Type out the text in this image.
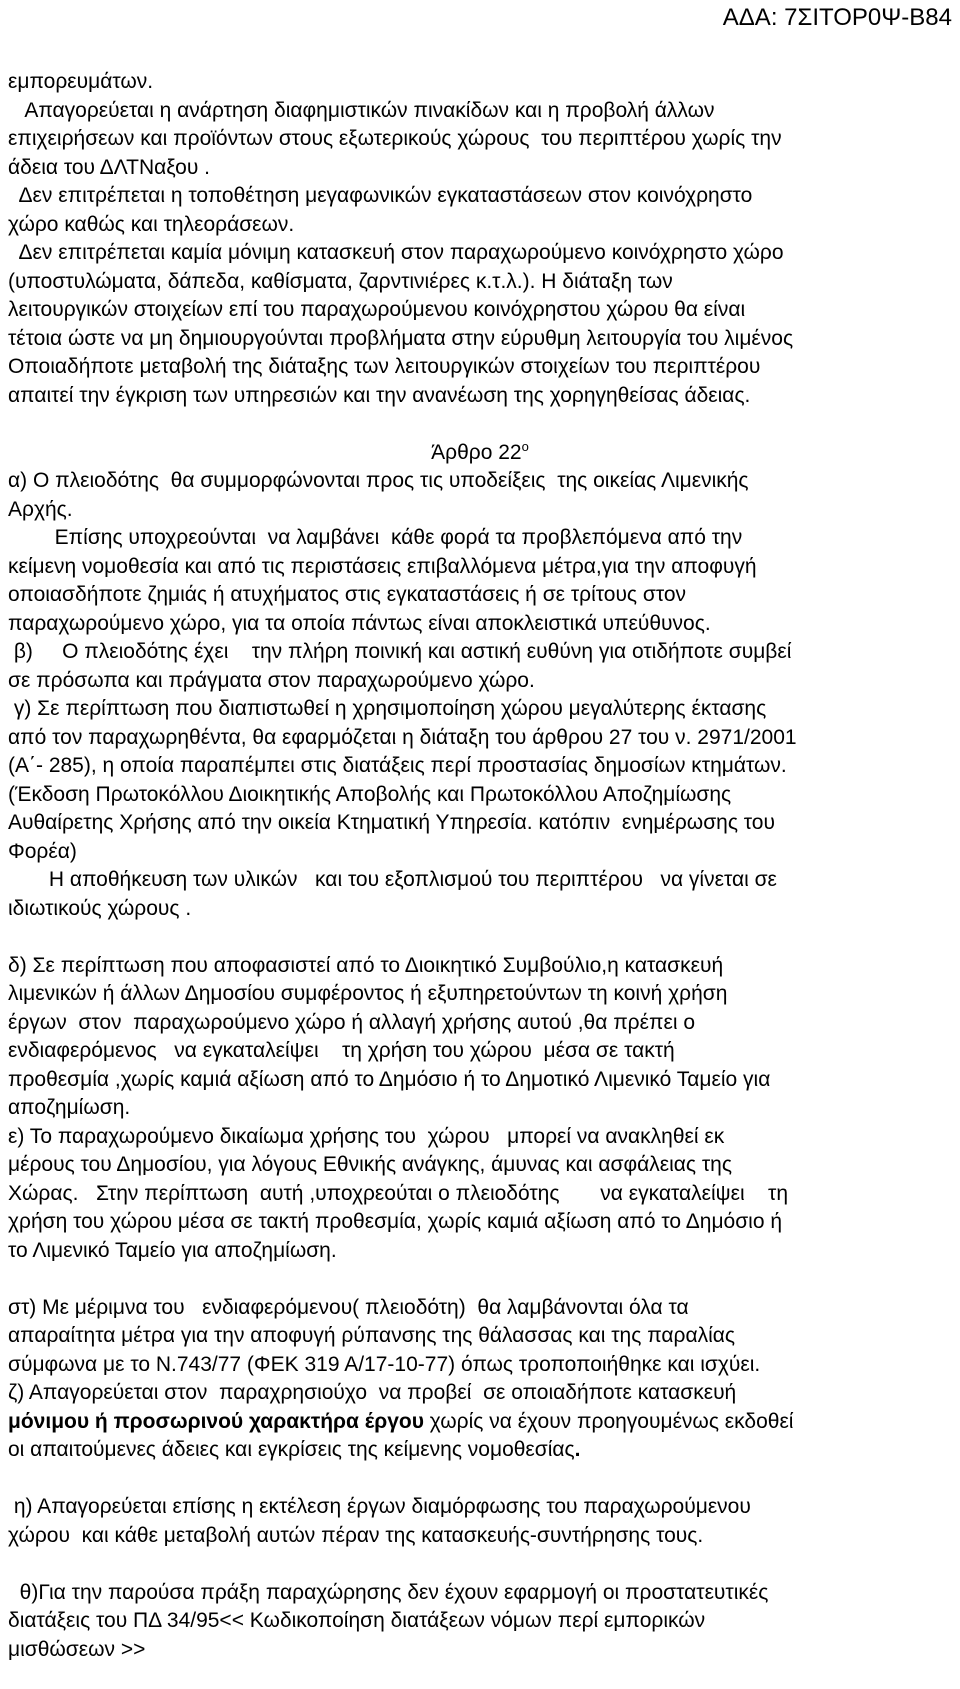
ΑΔΑ: 7ΣΙΤΟΡ0Ψ-Β84
εμπορευμάτων.
Απαγορεύεται η ανάρτηση διαφημιστικών πινακίδων και η προβολή άλλων
επιχειρήσεων και προϊόντων στους εξωτερικούς χώρους  του περιπτέρου χωρίς την
άδεια του ΔΛΤΝαξου .
Δεν επιτρέπεται η τοποθέτηση μεγαφωνικών εγκαταστάσεων στον κοινόχρηστο
χώρο καθώς και τηλεοράσεων.
Δεν επιτρέπεται καμία μόνιμη κατασκευή στον παραχωρούμενο κοινόχρηστο χώρο
(υποστυλώματα, δάπεδα, καθίσματα, ζαρντινιέρες κ.τ.λ.). Η διάταξη των
λειτουργικών στοιχείων επί του παραχωρούμενου κοινόχρηστου χώρου θα είναι
τέτοια ώστε να μη δημιουργούνται προβλήματα στην εύρυθμη λειτουργία του λιμένος
Οποιαδήποτε μεταβολή της διάταξης των λειτουργικών στοιχείων του περιπτέρου
απαιτεί την έγκριση των υπηρεσιών και την ανανέωση της χορηγηθείσας άδειας.
Άρθρο $22^o$
α) Ο πλειοδότης  θα συμμορφώνονται προς τις υποδείξεις  της οικείας Λιμενικής
Αρχής.
Επίσης υποχρεούνται  να λαμβάνει  κάθε φορά τα προβλεπόμενα από την
κείμενη νομοθεσία και από τις περιστάσεις επιβαλλόμενα μέτρα,για την αποφυγή
οποιασδήποτε ζημιάς ή ατυχήματος στις εγκαταστάσεις ή σε τρίτους στον
παραχωρούμενο χώρο, για τα οποία πάντως είναι αποκλειστικά υπεύθυνος.
β)     Ο πλειοδότης έχει    την πλήρη ποινική και αστική ευθύνη για οτιδήποτε συμβεί
σε πρόσωπα και πράγματα στον παραχωρούμενο χώρο.
γ) Σε περίπτωση που διαπιστωθεί η χρησιμοποίηση χώρου μεγαλύτερης έκτασης
από τον παραχωρηθέντα, θα εφαρμόζεται η διάταξη του άρθρου 27 του ν. 2971/2001
(Α΄- 285), η οποία παραπέμπει στις διατάξεις περί προστασίας δημοσίων κτημάτων.
(Έκδοση Πρωτοκόλλου Διοικητικής Αποβολής και Πρωτοκόλλου Αποζημίωσης
Αυθαίρετης Χρήσης από την οικεία Κτηματική Υπηρεσία. κατόπιν  ενημέρωσης του
Φορέα)
Η αποθήκευση των υλικών   και του εξοπλισμού του περιπτέρου   να γίνεται σε
ιδιωτικούς χώρους .
δ) Σε περίπτωση που αποφασιστεί από το Διοικητικό Συμβούλιο,η κατασκευή
λιμενικών ή άλλων Δημοσίου συμφέροντος ή εξυπηρετούντων τη κοινή χρήση
έργων  στον  παραχωρούμενο χώρο ή αλλαγή χρήσης αυτού ,θα πρέπει ο
ενδιαφερόμενος   να εγκαταλείψει    τη χρήση του χώρου  μέσα σε τακτή
προθεσμία ,χωρίς καμιά αξίωση από το Δημόσιο ή το Δημοτικό Λιμενικό Ταμείο για
αποζημίωση.
ε) Το παραχωρούμενο δικαίωμα χρήσης του  χώρου   μπορεί να ανακληθεί εκ
μέρους του Δημοσίου, για λόγους Εθνικής ανάγκης, άμυνας και ασφάλειας της
Χώρας.   Στην περίπτωση  αυτή ,υποχρεούται ο πλειοδότης       να εγκαταλείψει    τη
χρήση του χώρου μέσα σε τακτή προθεσμία, χωρίς καμιά αξίωση από το Δημόσιο ή
το Λιμενικό Ταμείο για αποζημίωση.
στ) Με μέριμνα του   ενδιαφερόμενου( πλειοδότη)  θα λαμβάνονται όλα τα
απαραίτητα μέτρα για την αποφυγή ρύπανσης της θάλασσας και της παραλίας
σύμφωνα με το Ν.743/77 (ΦΕΚ 319 Α/17-10-77) όπως τροποποιήθηκε και ισχύει.
ζ) Απαγορεύεται στον  παραχρησιούχο  να προβεί  σε οποιαδήποτε κατασκευή
μόνιμου ή προσωρινού χαρακτήρα έργου χωρίς να έχουν προηγουμένως εκδοθεί
οι απαιτούμενες άδειες και εγκρίσεις της κείμενης νομοθεσίας.
η) Απαγορεύεται επίσης η εκτέλεση έργων διαμόρφωσης του παραχωρούμενου
χώρου  και κάθε μεταβολή αυτών πέραν της κατασκευής-συντήρησης τους.
θ)Για την παρούσα πράξη παραχώρησης δεν έχουν εφαρμογή οι προστατευτικές
διατάξεις του ΠΔ 34/95<< Κωδικοποίηση διατάξεων νόμων περί εμπορικών
μισθώσεων >>
